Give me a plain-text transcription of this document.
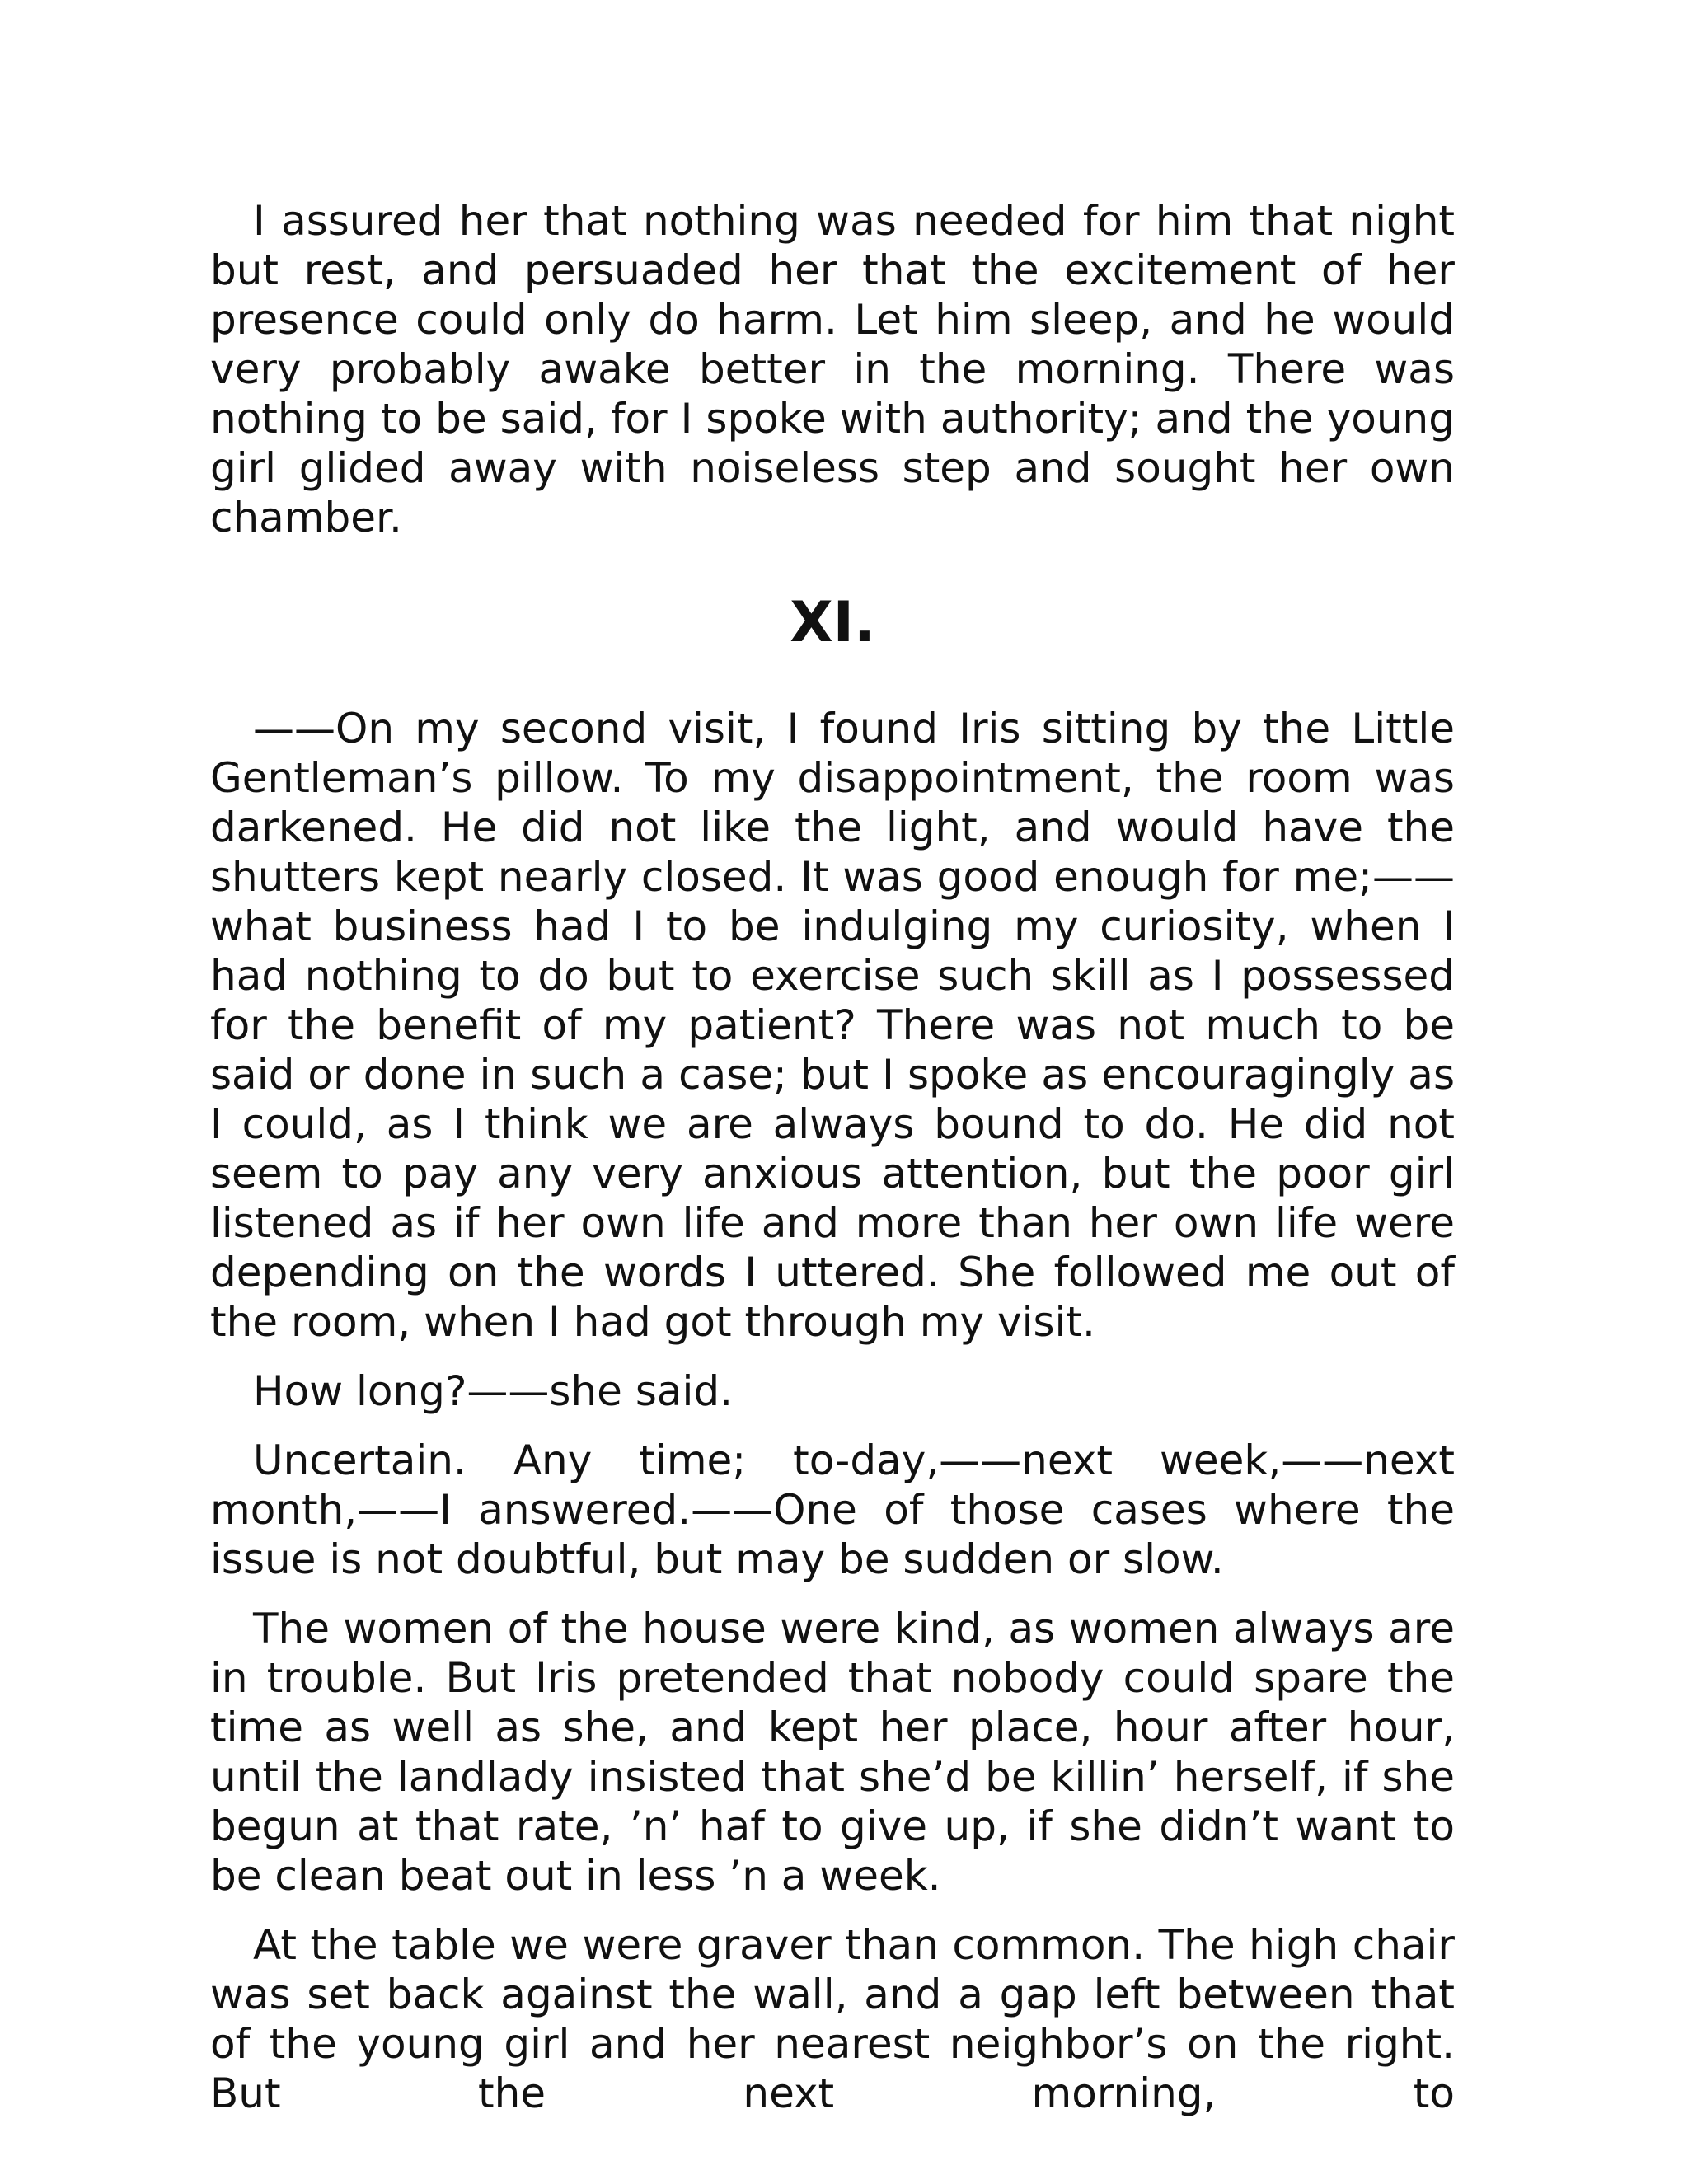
I assured her that nothing was needed for him that night but rest, and persuaded her that the excitement of her presence could only do harm. Let him sleep, and he would very probably awake better in the morning. There was nothing to be said, for I spoke with authority; and the young girl glided away with noiseless step and sought her own chamber.

XI.

——On my second visit, I found Iris sitting by the Little Gentleman’s pillow. To my disappointment, the room was darkened. He did not like the light, and would have the shutters kept nearly closed. It was good enough for me;——what business had I to be indulging my curiosity, when I had nothing to do but to exercise such skill as I possessed for the benefit of my patient? There was not much to be said or done in such a case; but I spoke as encouragingly as I could, as I think we are always bound to do. He did not seem to pay any very anxious attention, but the poor girl listened as if her own life and more than her own life were depending on the words I uttered. She followed me out of the room, when I had got through my visit.

How long?——she said.

Uncertain. Any time; to-day,——next week,——next month,——I answered.——One of those cases where the issue is not doubtful, but may be sudden or slow.

The women of the house were kind, as women always are in trouble. But Iris pretended that nobody could spare the time as well as she, and kept her place, hour after hour, until the landlady insisted that she’d be killin’ herself, if she begun at that rate, ’n’ haf to give up, if she didn’t want to be clean beat out in less ’n a week.

At the table we were graver than common. The high chair was set back against the wall, and a gap left between that of the young girl and her nearest neighbor’s on the right. But the next morning, to
